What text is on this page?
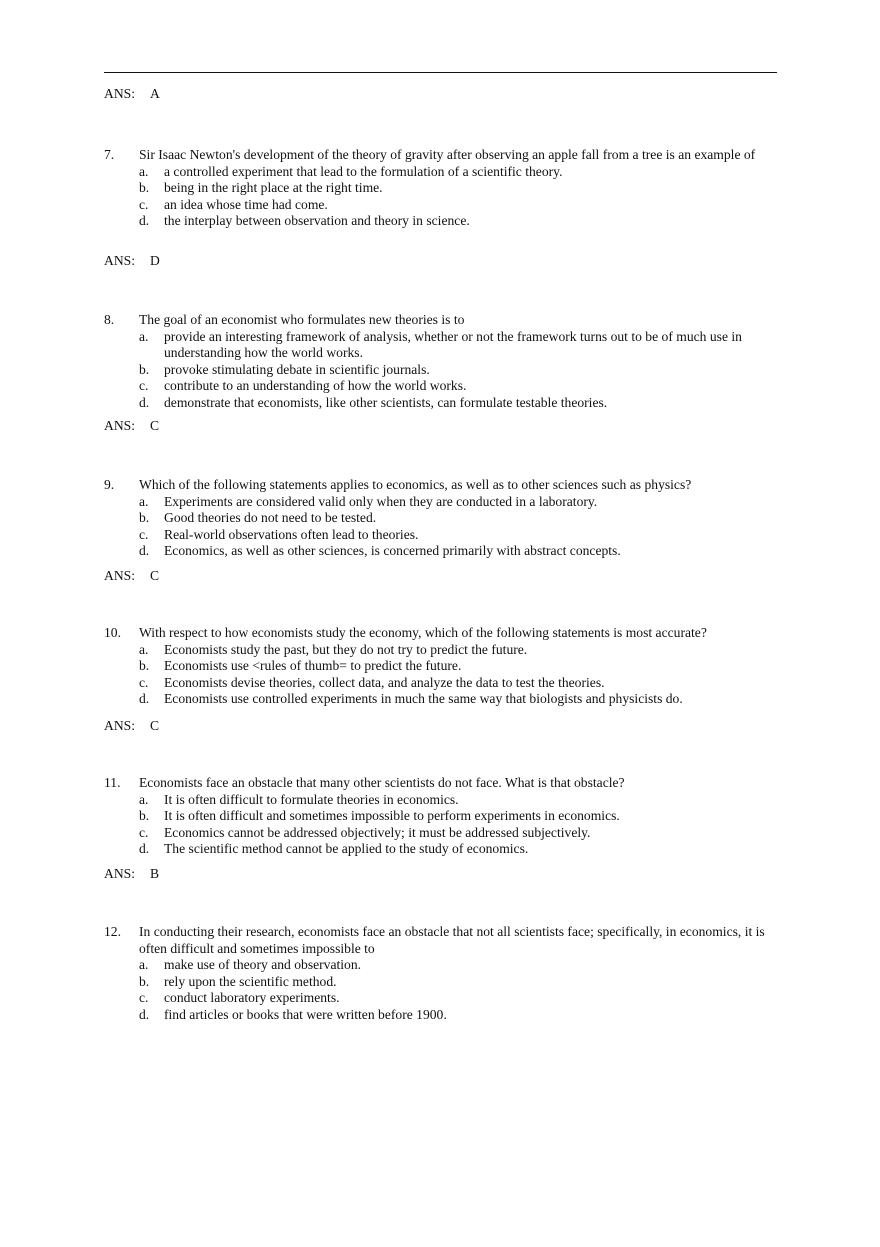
ANS: A
7.	Sir Isaac Newton's development of the theory of gravity after observing an apple fall from a tree is an example of
a.	a controlled experiment that lead to the formulation of a scientific theory.
b.	being in the right place at the right time.
c.	an idea whose time had come.
d.	the interplay between observation and theory in science.
ANS: D
8.	The goal of an economist who formulates new theories is to
a.	provide an interesting framework of analysis, whether or not the framework turns out to be of much use in understanding how the world works.
b.	provoke stimulating debate in scientific journals.
c.	contribute to an understanding of how the world works.
d.	demonstrate that economists, like other scientists, can formulate testable theories.
ANS: C
9.	Which of the following statements applies to economics, as well as to other sciences such as physics?
a.	Experiments are considered valid only when they are conducted in a laboratory.
b.	Good theories do not need to be tested.
c.	Real-world observations often lead to theories.
d.	Economics, as well as other sciences, is concerned primarily with abstract concepts.
ANS: C
10.	With respect to how economists study the economy, which of the following statements is most accurate?
a.	Economists study the past, but they do not try to predict the future.
b.	Economists use <rules of thumb= to predict the future.
c.	Economists devise theories, collect data, and analyze the data to test the theories.
d.	Economists use controlled experiments in much the same way that biologists and physicists do.
ANS: C
11.	Economists face an obstacle that many other scientists do not face. What is that obstacle?
a.	It is often difficult to formulate theories in economics.
b.	It is often difficult and sometimes impossible to perform experiments in economics.
c.	Economics cannot be addressed objectively; it must be addressed subjectively.
d.	The scientific method cannot be applied to the study of economics.
ANS: B
12.	In conducting their research, economists face an obstacle that not all scientists face; specifically, in economics, it is often difficult and sometimes impossible to
a.	make use of theory and observation.
b.	rely upon the scientific method.
c.	conduct laboratory experiments.
d.	find articles or books that were written before 1900.
